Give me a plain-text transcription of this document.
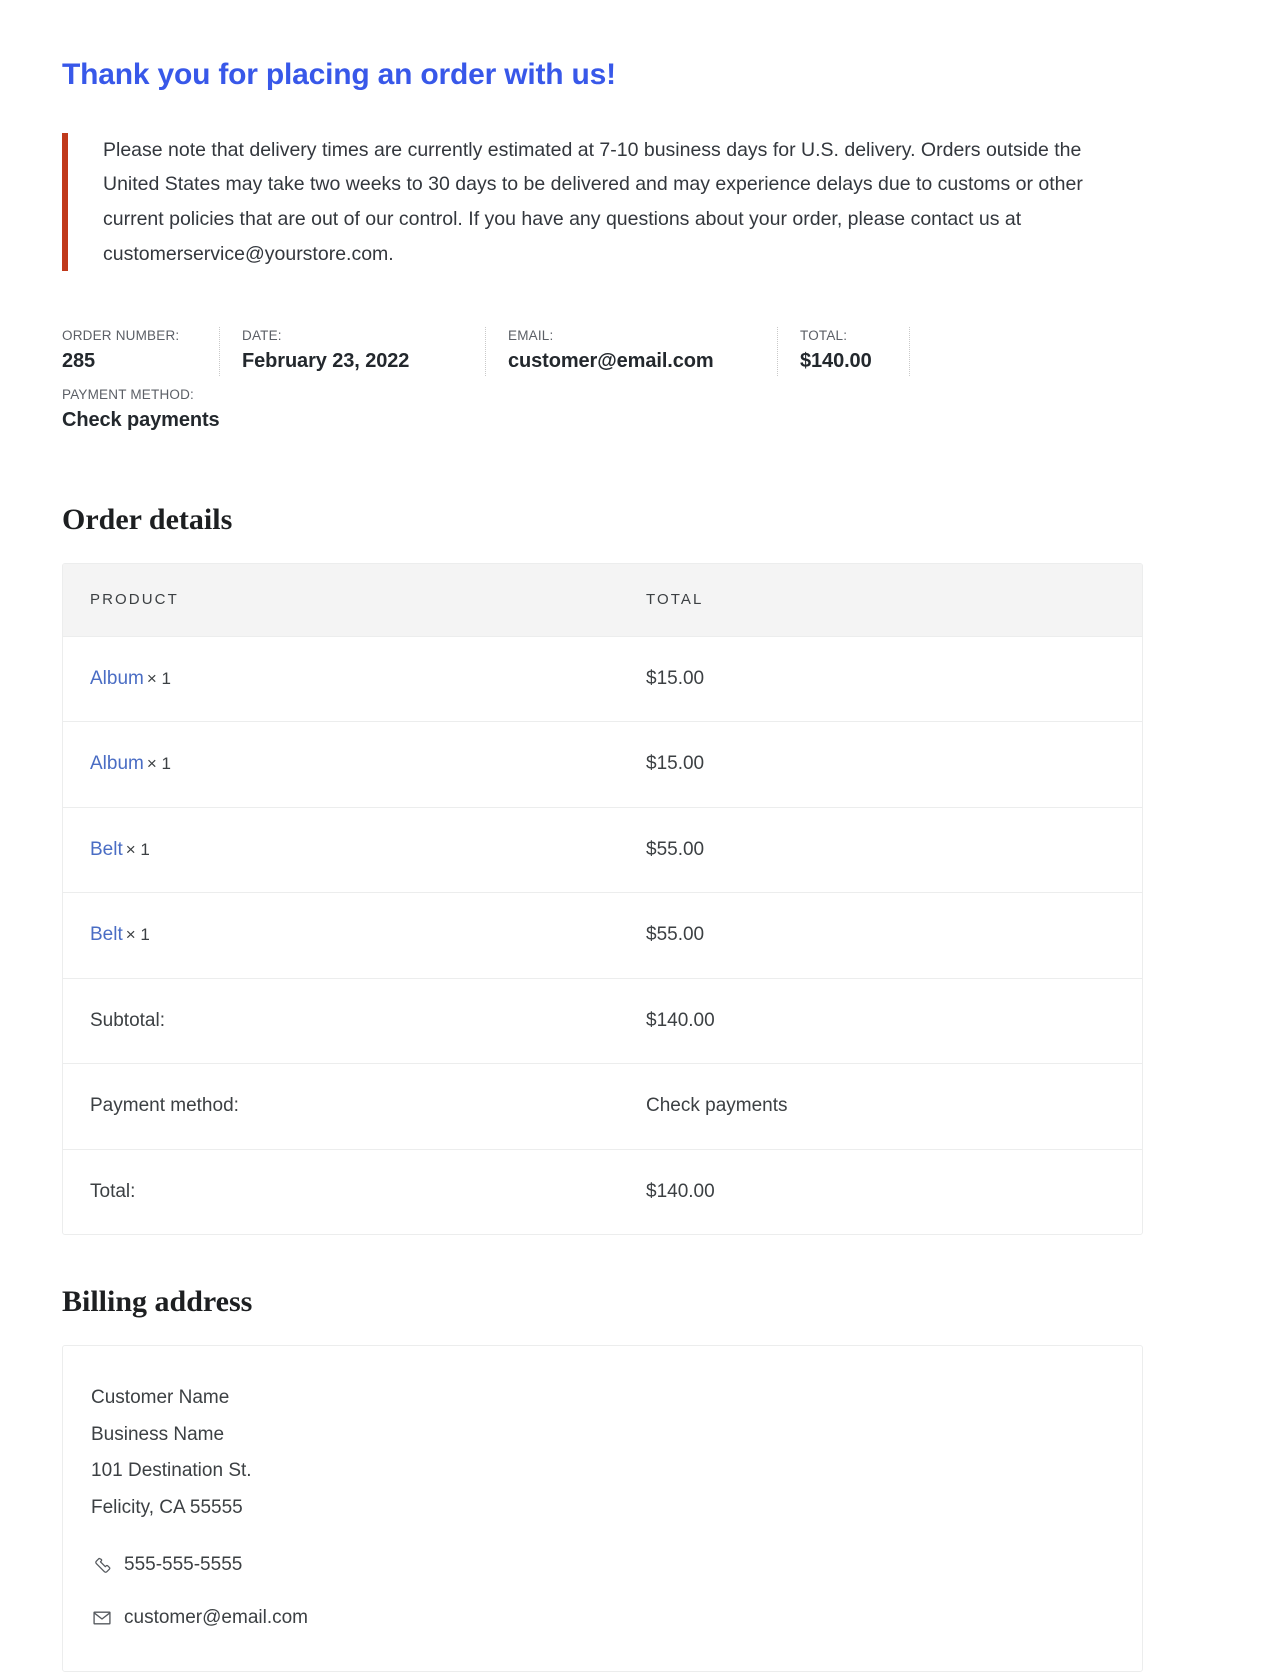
Thank you for placing an order with us!

Please note that delivery times are currently estimated at 7-10 business days for U.S. delivery. Orders outside the United States may take two weeks to 30 days to be delivered and may experience delays due to customs or other current policies that are out of our control. If you have any questions about your order, please contact us at customerservice@yourstore.com.

ORDER NUMBER:
285
DATE:
February 23, 2022
EMAIL:
customer@email.com
TOTAL:
$140.00
PAYMENT METHOD:
Check payments
Order details
PRODUCT	TOTAL
Album × 1	$15.00
Album × 1	$15.00
Belt × 1	$55.00
Belt × 1	$55.00
Subtotal:	$140.00
Payment method:	Check payments
Total:	$140.00
Billing address
Customer Name
Business Name
101 Destination St.
Felicity, CA 55555
555-555-5555
customer@email.com
